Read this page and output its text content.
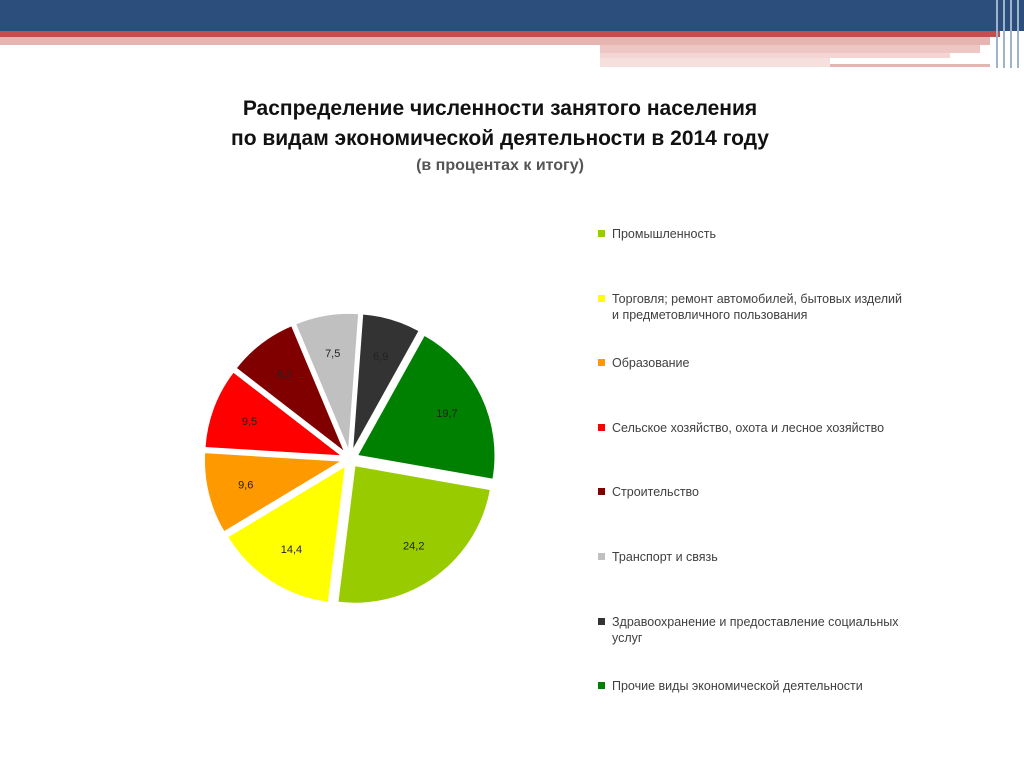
Распределение численности занятого населения
по видам экономической деятельности в 2014 году
(в процентах к итогу)
24,2
14,4
9,6
9,5
8,2
7,5	6,9
19,7
Промышленность
Торговля; ремонт автомобилей, бытовых изделий и предметовличного пользования
Образование
Сельское хозяйство, охота и лесное хозяйство
Строительство
Транспорт и связь
Здравоохранение и предоставление социальных услуг
Прочие виды экономической деятельности
